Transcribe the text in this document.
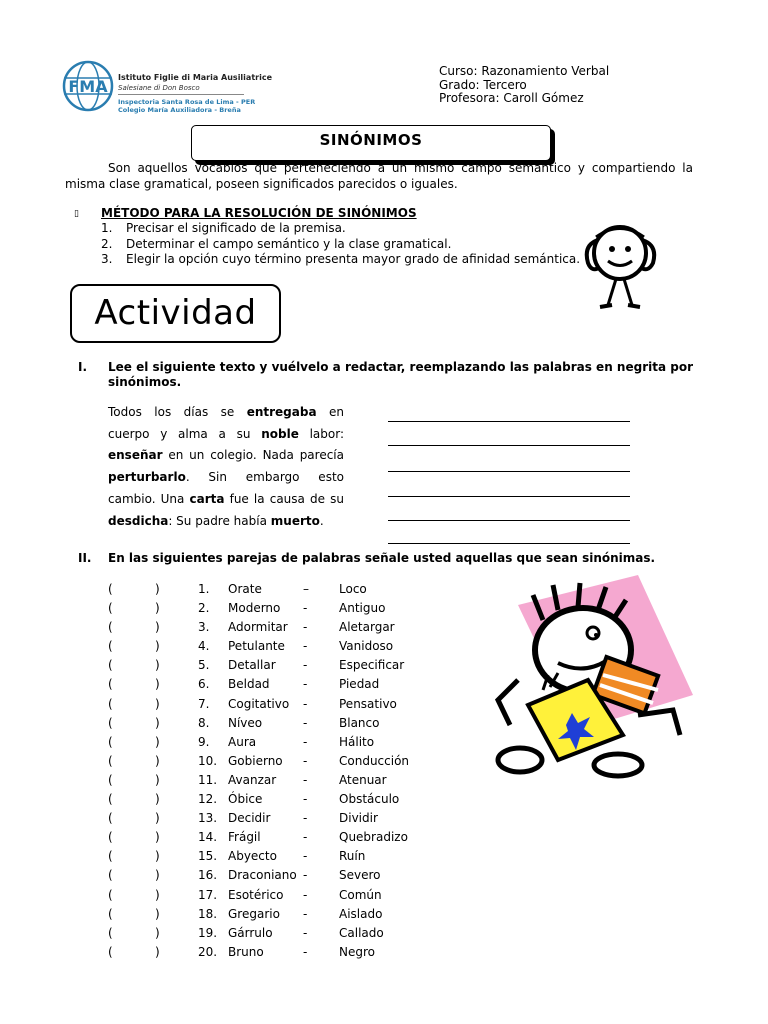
FMA Istituto Figlie di Maria Ausiliatrice
Salesiane di Don Bosco
Inspectoria Santa Rosa de Lima - PER
Colegio María Auxiliadora - Breña
Curso: Razonamiento Verbal
Grado: Tercero
Profesora: Caroll Gómez
SINÓNIMOS
Son aquellos vocablos que perteneciendo a un mismo campo semántico y compartiendo la misma clase gramatical, poseen significados parecidos o iguales.
▯ MÉTODO PARA LA RESOLUCIÓN DE SINÓNIMOS
1. Precisar el significado de la premisa.
2. Determinar el campo semántico y la clase gramatical.
3. Elegir la opción cuyo término presenta mayor grado de afinidad semántica.
Actividad
I. Lee el siguiente texto y vuélvelo a redactar, reemplazando las palabras en negrita por sinónimos.
Todos los días se entregaba en cuerpo y alma a su noble labor: enseñar en un colegio. Nada parecía perturbarlo. Sin embargo esto cambio. Una carta fue la causa de su desdicha: Su padre había muerto.
II. En las siguientes parejas de palabras señale usted aquellas que sean sinónimas.
(	)	1. Orate	–	Loco
(	)	2. Moderno -	Antiguo
(	)	3. Adormitar -	Aletargar
(	)	4. Petulante -	Vanidoso
(	)	5. Detallar -	Especificar
(	)	6. Beldad	-	Piedad
(	)	7. Cogitativo -	Pensativo
(	)	8. Níveo	-	Blanco
(	)	9. Aura	-	Hálito
(	)	10. Gobierno -	Conducción
(	)	11. Avanzar -	Atenuar
(	)	12. Óbice	-	Obstáculo
(	)	13. Decidir	-	Dividir
(	)	14. Frágil	-	Quebradizo
(	)	15. Abyecto -	Ruín
(	)	16. Draconiano -	Severo
(	)	17. Esotérico -	Común
(	)	18. Gregario -	Aislado
(	)	19. Gárrulo	-	Callado
(	)	20. Bruno	-	Negro
